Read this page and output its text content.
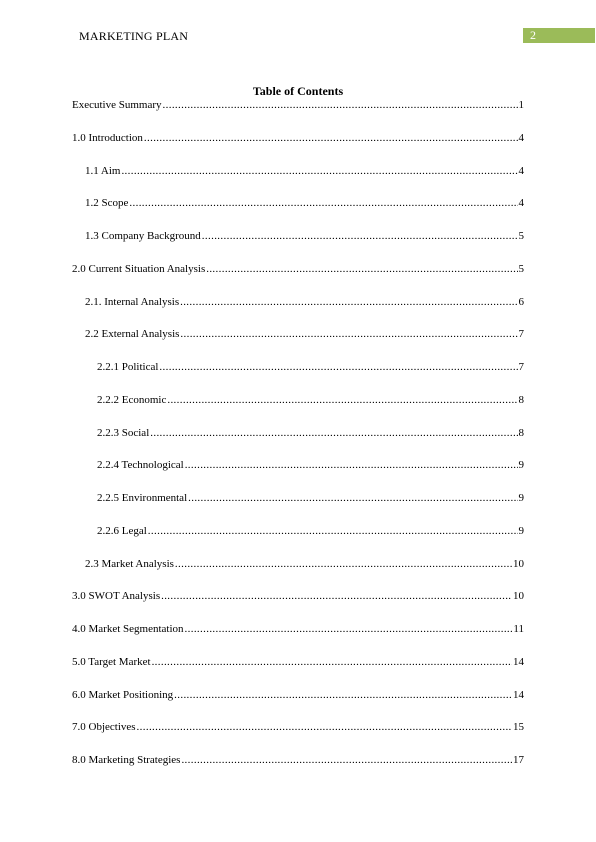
MARKETING PLAN	2
Table of Contents
Executive Summary .....	1
1.0 Introduction .....	4
1.1 Aim .....	4
1.2 Scope .....	4
1.3 Company Background .....	5
2.0 Current Situation Analysis .....	5
2.1. Internal Analysis .....	6
2.2 External Analysis .....	7
2.2.1 Political .....	7
2.2.2 Economic .....	8
2.2.3 Social .....	8
2.2.4 Technological .....	9
2.2.5 Environmental .....	9
2.2.6 Legal .....	9
2.3 Market Analysis .....	10
3.0 SWOT Analysis .....	10
4.0 Market Segmentation .....	11
5.0 Target Market .....	14
6.0 Market Positioning .....	14
7.0 Objectives .....	15
8.0 Marketing Strategies .....	17
